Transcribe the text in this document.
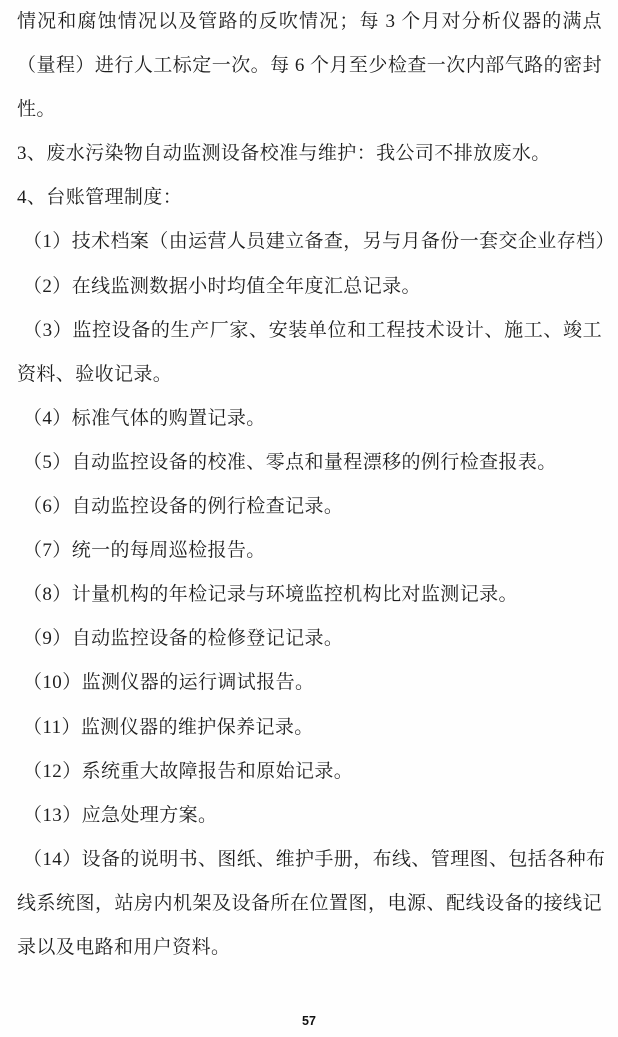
情况和腐蚀情况以及管路的反吹情况；每 3 个月对分析仪器的满点
（量程）进行人工标定一次。每 6 个月至少检查一次内部气路的密封
性。
3、废水污染物自动监测设备校准与维护：我公司不排放废水。
4、台账管理制度：
（1）技术档案（由运营人员建立备查，另与月备份一套交企业存档）
（2）在线监测数据小时均值全年度汇总记录。
（3）监控设备的生产厂家、安装单位和工程技术设计、施工、竣工
资料、验收记录。
（4）标准气体的购置记录。
（5）自动监控设备的校准、零点和量程漂移的例行检查报表。
（6）自动监控设备的例行检查记录。
（7）统一的每周巡检报告。
（8）计量机构的年检记录与环境监控机构比对监测记录。
（9）自动监控设备的检修登记记录。
（10）监测仪器的运行调试报告。
（11）监测仪器的维护保养记录。
（12）系统重大故障报告和原始记录。
（13）应急处理方案。
（14）设备的说明书、图纸、维护手册，布线、管理图、包括各种布
线系统图，站房内机架及设备所在位置图，电源、配线设备的接线记
录以及电路和用户资料。
57
